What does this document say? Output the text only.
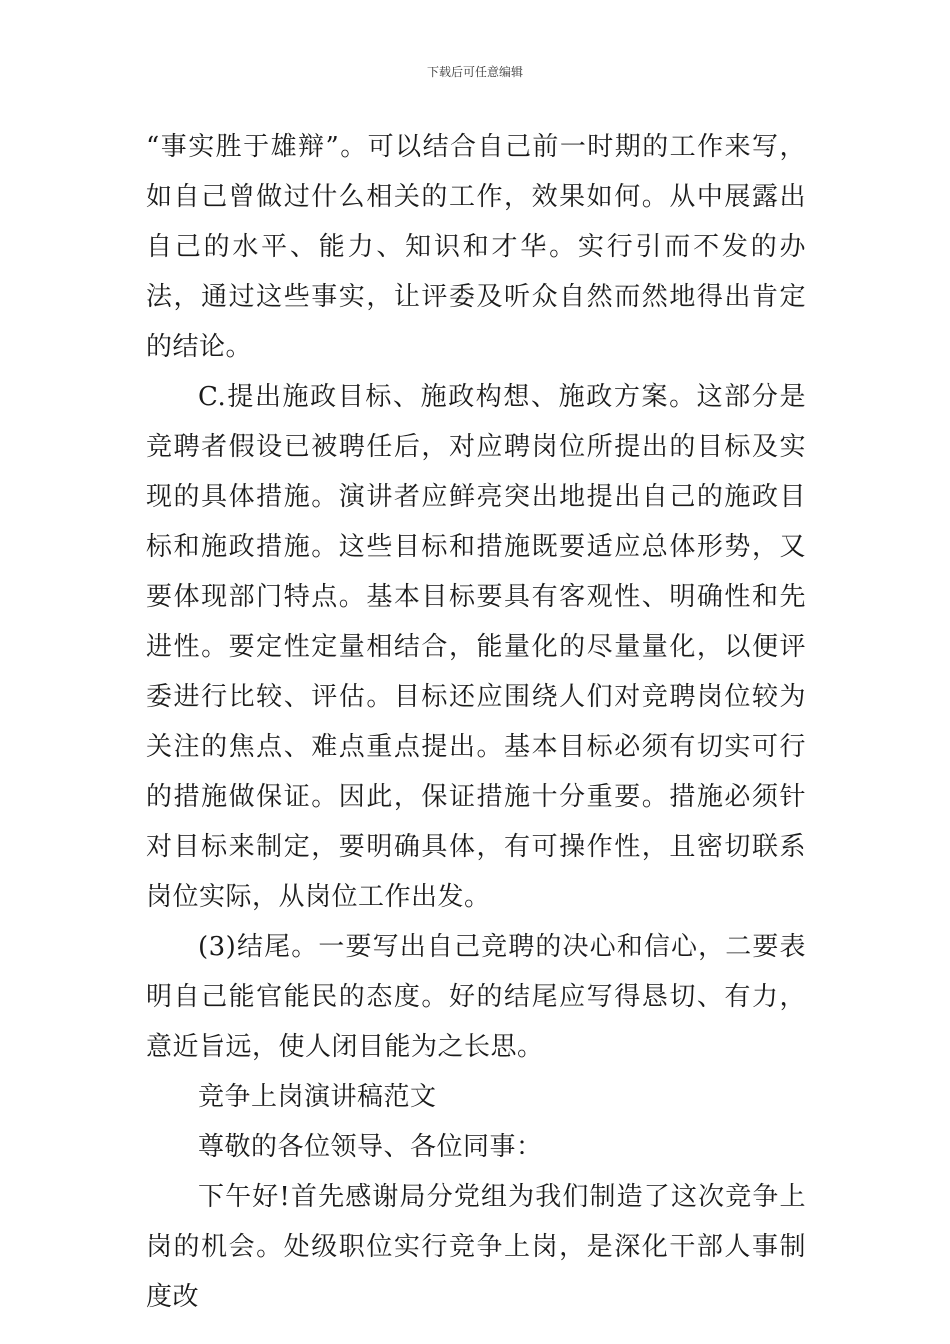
下载后可任意编辑

“事实胜于雄辩”。可以结合自己前一时期的工作来写，如自己曾做过什么相关的工作，效果如何。从中展露出自己的水平、能力、知识和才华。实行引而不发的办法，通过这些事实，让评委及听众自然而然地得出肯定的结论。

C.提出施政目标、施政构想、施政方案。这部分是竞聘者假设已被聘任后，对应聘岗位所提出的目标及实现的具体措施。演讲者应鲜亮突出地提出自己的施政目标和施政措施。这些目标和措施既要适应总体形势，又要体现部门特点。基本目标要具有客观性、明确性和先进性。要定性定量相结合，能量化的尽量量化，以便评委进行比较、评估。目标还应围绕人们对竞聘岗位较为关注的焦点、难点重点提出。基本目标必须有切实可行的措施做保证。因此，保证措施十分重要。措施必须针对目标来制定，要明确具体，有可操作性，且密切联系岗位实际，从岗位工作出发。

(3)结尾。一要写出自己竞聘的决心和信心，二要表明自己能官能民的态度。好的结尾应写得恳切、有力，意近旨远，使人闭目能为之长思。

竞争上岗演讲稿范文

尊敬的各位领导、各位同事：

下午好!首先感谢局分党组为我们制造了这次竞争上岗的机会。处级职位实行竞争上岗，是深化干部人事制度改
